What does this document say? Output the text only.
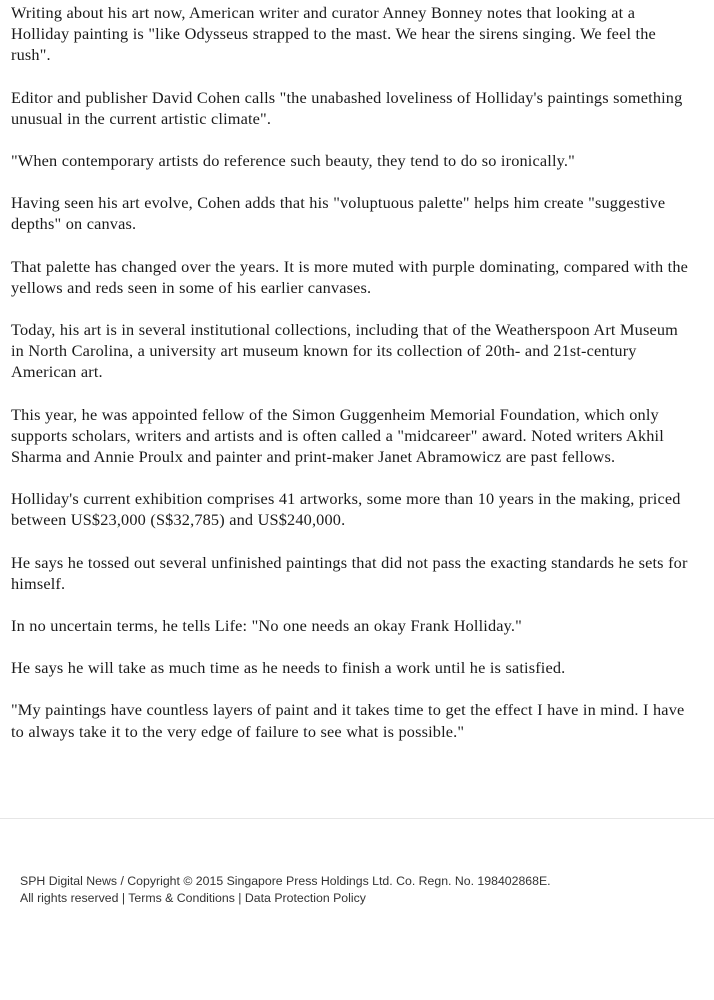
Writing about his art now, American writer and curator Anney Bonney notes that looking at a Holliday painting is "like Odysseus strapped to the mast. We hear the sirens singing. We feel the rush".

Editor and publisher David Cohen calls "the unabashed loveliness of Holliday's paintings something unusual in the current artistic climate".

"When contemporary artists do reference such beauty, they tend to do so ironically."

Having seen his art evolve, Cohen adds that his "voluptuous palette" helps him create "suggestive depths" on canvas.

That palette has changed over the years. It is more muted with purple dominating, compared with the yellows and reds seen in some of his earlier canvases.

Today, his art is in several institutional collections, including that of the Weatherspoon Art Museum in North Carolina, a university art museum known for its collection of 20th- and 21st-century American art.

This year, he was appointed fellow of the Simon Guggenheim Memorial Foundation, which only supports scholars, writers and artists and is often called a "midcareer" award. Noted writers Akhil Sharma and Annie Proulx and painter and print-maker Janet Abramowicz are past fellows.

Holliday's current exhibition comprises 41 artworks, some more than 10 years in the making, priced between US$23,000 (S$32,785) and US$240,000.

He says he tossed out several unfinished paintings that did not pass the exacting standards he sets for himself.

In no uncertain terms, he tells Life: "No one needs an okay Frank Holliday."

He says he will take as much time as he needs to finish a work until he is satisfied.

"My paintings have countless layers of paint and it takes time to get the effect I have in mind. I have to always take it to the very edge of failure to see what is possible."

SPH Digital News / Copyright © 2015 Singapore Press Holdings Ltd. Co. Regn. No. 198402868E.
All rights reserved | Terms & Conditions | Data Protection Policy
